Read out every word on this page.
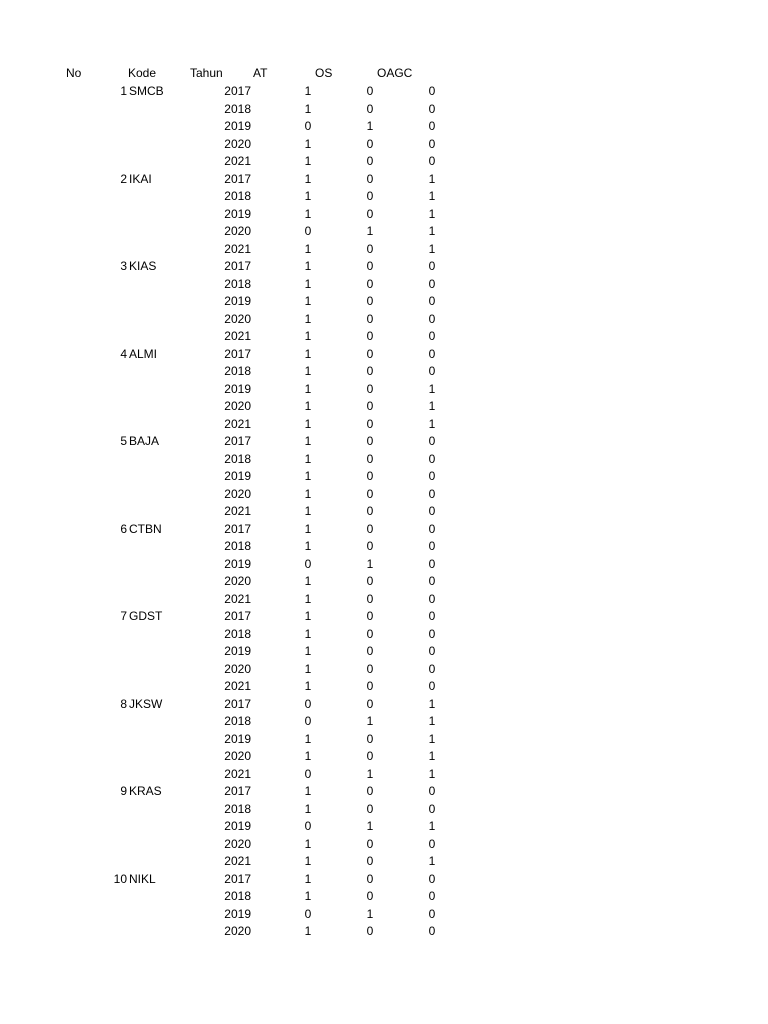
No	Kode	Tahun	AT	OS	OAGC
1 SMCB	2017	1	0	0
2018	1	0	0
2019	0	1	0
2020	1	0	0
2021	1	0	0
2 IKAI	2017	1	0	1
2018	1	0	1
2019	1	0	1
2020	0	1	1
2021	1	0	1
3 KIAS	2017	1	0	0
2018	1	0	0
2019	1	0	0
2020	1	0	0
2021	1	0	0
4 ALMI	2017	1	0	0
2018	1	0	0
2019	1	0	1
2020	1	0	1
2021	1	0	1
5 BAJA	2017	1	0	0
2018	1	0	0
2019	1	0	0
2020	1	0	0
2021	1	0	0
6 CTBN	2017	1	0	0
2018	1	0	0
2019	0	1	0
2020	1	0	0
2021	1	0	0
7 GDST	2017	1	0	0
2018	1	0	0
2019	1	0	0
2020	1	0	0
2021	1	0	0
8 JKSW	2017	0	0	1
2018	0	1	1
2019	1	0	1
2020	1	0	1
2021	0	1	1
9 KRAS	2017	1	0	0
2018	1	0	0
2019	0	1	1
2020	1	0	0
2021	1	0	1
10 NIKL	2017	1	0	0
2018	1	0	0
2019	0	1	0
2020	1	0	0
